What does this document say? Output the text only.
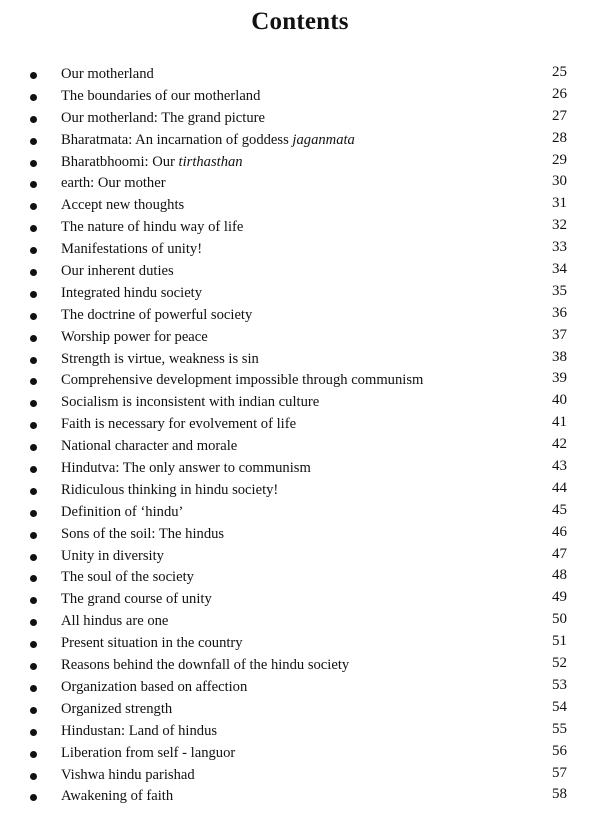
Contents
Our motherland	25
The boundaries of our motherland	26
Our motherland: The grand picture	27
Bharatmata: An incarnation of goddess jaganmata	28
Bharatbhoomi: Our tirthasthan	29
earth: Our mother	30
Accept new thoughts	31
The nature of hindu way of life	32
Manifestations of unity!	33
Our inherent duties	34
Integrated hindu society	35
The doctrine of powerful society	36
Worship power for peace	37
Strength is virtue, weakness is sin	38
Comprehensive development impossible through communism	39
Socialism is inconsistent with indian culture	40
Faith is necessary for evolvement of life	41
National character and morale	42
Hindutva: The only answer to communism	43
Ridiculous thinking in hindu society!	44
Definition of ‘hindu’	45
Sons of the soil: The hindus	46
Unity in diversity	47
The soul of the society	48
The grand course of unity	49
All hindus are one	50
Present situation in the country	51
Reasons behind the downfall of the hindu society	52
Organization based on affection	53
Organized strength	54
Hindustan: Land of hindus	55
Liberation from self - languor	56
Vishwa hindu parishad	57
Awakening of faith	58
